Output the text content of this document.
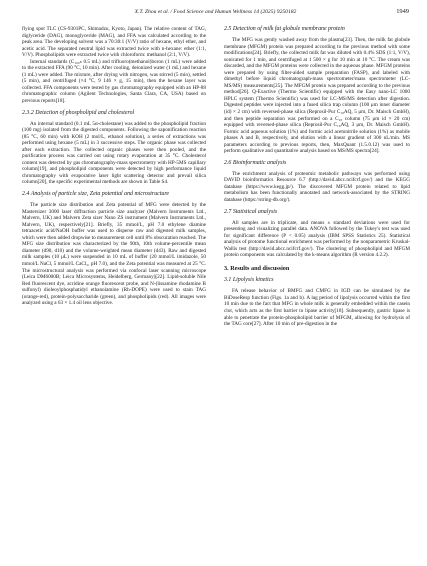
X.T. Zhou et al. / Food Science and Human Wellness 14 (2025) 9250182	1949

flying spot TLC (CS-9301PC, Shimadzu, Kyoto, Japan). The relative content of TAG, diglyceride (DAG), monoglyceride (MAG), and FFA was calculated according to the peak area. The developing solvent was a 70:30:1 (V/V) ratio of hexane, ethyl ether, and acetic acid. The separated neutral lipid was extracted twice with n-hexane: ether (1:1, V/V). Phospholipids were extracted twice with chloroform: methanol (2:1, V/V).

Internal standards (C₁₀₀ₕ 0.5 mL) and trifluoro(methanol)boron (1 mL) were added to the extracted FFA (90 °C, 10 min). After cooling, deionized water (1 mL) and hexane (1 mL) were added. The mixture, after drying with nitrogen, was stirred (5 min), settled (5 min), and centrifuged (×4 °C, 9 146 × g, 15 min), then the hexane layer was collected. FFA components were tested by gas chromatography equipped with an HP-88 chromatographic column (Agilent Technologies, Santa Clara, CA, USA) based on previous reports[18].

2.3.2 Detection of phospholipid and cholesterol

An internal standard (0.1 mL 5α-cholestane) was added to the phospholipid fraction (100 mg) isolated from the digested components. Following the saponification reaction (85 °C, 60 min) with KOH (2 mol/L, ethanol solution), a series of extractions was performed using hexane (5 mL) in 3 successive steps. The organic phase was collected after each extraction. The collected organic phases were then pooled, and the purification process was carried out using rotary evaporation at 35 °C. Cholesterol content was detected by gas chromatography-mass spectrometry with HP-5MS capillary column[19], and phospholipid components were detected by high performance liquid chromatography with evaporative laser light scattering detector and prevail silica column[20], the specific experimental methods are shown in Table S4.

2.4 Analysis of particle size, Zeta potential and microstructure

The particle size distribution and Zeta potential of MFG were detected by the Mastersizer 3000 laser diffraction particle size analyzer (Malvern Instruments Ltd., Malvern, UK) and Malvern Zeta sizer Nano ZS instrument (Malvern Instruments Ltd., Malvern, UK), respectively[21]. Briefly, 35 mmol/L, pH 7.0 ethylene diamine tetraacetic acid/NaOH buffer was used to disperse raw and digested milk samples, which were then added dropwise to measurement cell until 8% obscuration reached. The MFG size distribution was characterized by the 90th, 10th volume-percentile mean diameter (d90, d10) and the volume-weighted mean diameter (d43). Raw and digested milk samples (10 μL) were suspended in 10 mL of buffer (20 mmol/L imidazole, 50 mmol/L NaCl, 5 mmol/L CaCl₂, pH 7.0), and the Zeta potential was measured at 25 °C. The microstructural analysis was performed via confocal laser scanning microscope (Leica DM6000B; Leica Microsystems, Heidelberg, Germany)[22]. Lipid-soluble Nile Red fluorescent dye, acridine orange fluorescent probe, and N-(lissamine rhodamine B sulfonyl) dioleoylphosphatidyl ethanolamine (Rh-DOPE) were used to stain TAG (orange-red), protein-polysaccharide (green), and phospholipids (red). All images were analyzed using a 63 × 1.4 oil lens objective.

2.5 Detection of milk fat globule membrane protein

The MFG was gently washed away from the plasma[23]. Then, the milk fat globule membrane (MFGM) protein was prepared according to the previous method with some modifications[24]. Briefly, the collected milk fat was diluted with 0.4% SDS (1:1, V/V), sonicated for 1 min, and centrifuged at 1 500 × g for 10 min at 10 °C. The cream was discarded, and the MFGM proteins were collected in the aqueous phase. MFGM proteins were prepared by using filter-aided sample preparation (FASP), and labeled with dimethyl before liquid chromatograph-mass spectrometer/mass spectrometer (LC-MS/MS) measurements[25]. The MFGM protein was prepared according to the previous method[26]. Q-Exactive (Thermo Scientific) equipped with the Easy nano-LC 1000 HPLC system (Thermo Scientific) was used for LC-MS/MS detection after digestion. Digested peptides were injected into a fused silica trap column (100 μm inner diameter (id) × 2 cm) with reversed-phase silica (Reprosil-Pur C₁₈AQ, 5 μm, Dr. Maisch GmbH), and then peptide separation was performed on a C₁₈ column (75 μm id × 20 cm) equipped with reversed-phase silica (Reprosil-Pur C₁₈AQ, 3 μm, Dr. Maisch GmbH). Formic acid aqueous solution (1%) and formic acid acetonitrile solution (1%) as mobile phases A and B, respectively, and elution with a linear gradient of 300 nL/min. MS parameters according to previous reports, then, MaxQuant (1.5.0.12) was used to perform qualitative and quantitative analysis based on MS/MS spectra[24].

2.6 Bioinformatic analysis

The enrichment analysis of proteomic metabolic pathways was performed using DAVID bioinformatics Resource 6.7 (http://david.abcc.ncifcrf.gov/) and the KEGG database (https://www.kegg.jp/). The discovered MFGM protein related to lipid metabolism has been functionally annotated and network-associated by the STRING database (https://string-db.org/).

2.7 Statistical analysis

All samples are in triplicate, and means ± standard deviations were used for presenting and visualizing parallel data. ANOVA followed by the Tukey's test was used for significant difference (P < 0.05) analysis (IBM SPSS Statistics 25). Statistical analysis of protome functional enrichment was performed by the nonparametric Kruskal-Wallis test (http://david.abcc.ncifcrf.gov/). The clustering of phospholipid and MFGM protein components was calculated by the k-means algorithm (R version 4.2.2).

3. Results and discussion
3.1 Lipolysis kinetics

FA release behavior of BMFG and CMFG in IGD can be simulated by the BiDoseResp function (Figs. 1a and b). A lag period of lipolysis occurred within the first 10 min due to the fact that MFG in whole milk is generally embedded within the casein clot, which acts as the first barrier to lipase activity[18]. Subsequently, gastric lipase is able to penetrate the protein-phospholipid barrier of MFGM, allowing for hydrolysis of the TAG core[27]. After 10 min of pre-digestion in the
